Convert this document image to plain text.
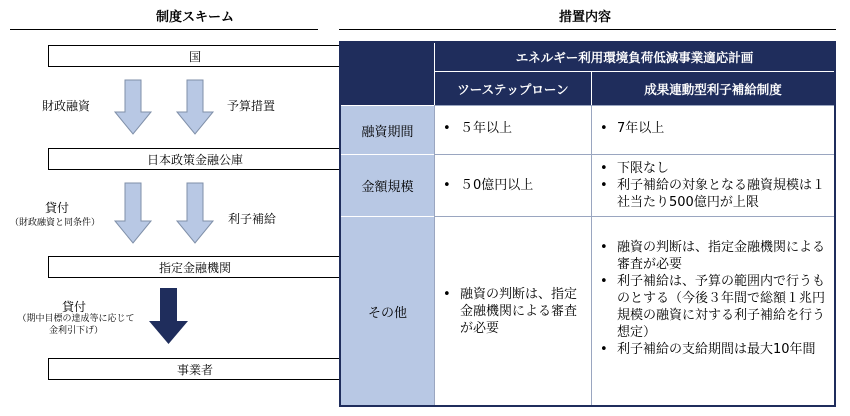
制度スキーム
国
日本政策金融公庫
指定金融機関
事業者
財政融資	予算措置
貸付
（財政融資と同条件）	利子補給
貸付
（期中目標の達成等に応じて
金利引下げ）
措置内容
エネルギー利用環境負荷低減事業適応計画
ツーステップローン	成果連動型利子補給制度
融資期間
金額規模
その他
• ５年以上
•	7年以上
• ５0億円以上
• 下限なし
• 利子補給の対象となる融資規模は１社当たり500億円が上限
• 融資の判断は、指定金融機関による審査が必要
• 融資の判断は、指定金融機関による審査が必要
• 利子補給は、予算の範囲内で行うものとする（今後３年間で総額１兆円規模の融資に対する利子補給を行う想定）
• 利子補給の支給期間は最大10年間
